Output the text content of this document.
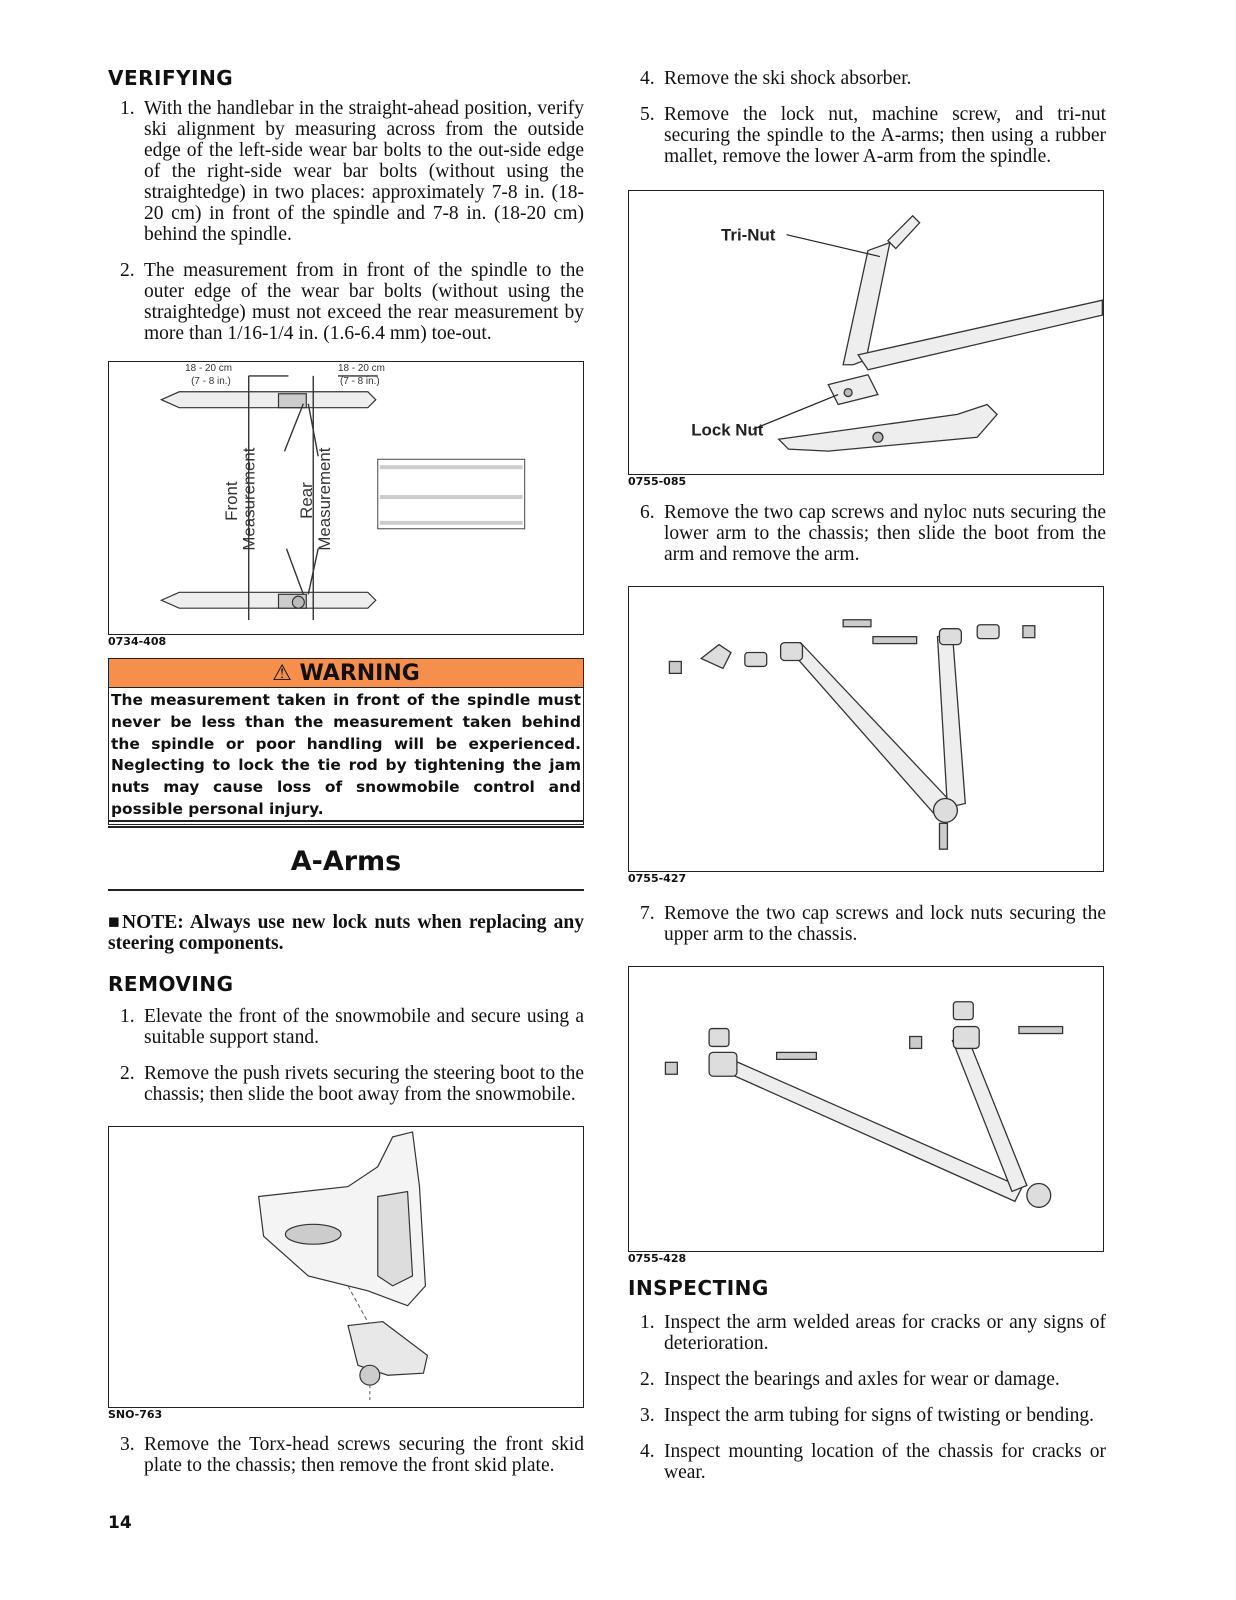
VERIFYING
1. With the handlebar in the straight-ahead position, verify ski alignment by measuring across from the outside edge of the left-side wear bar bolts to the out-side edge of the right-side wear bar bolts (without using the straightedge) in two places: approximately 7-8 in. (18-20 cm) in front of the spindle and 7-8 in. (18-20 cm) behind the spindle.
2. The measurement from in front of the spindle to the outer edge of the wear bar bolts (without using the straightedge) must not exceed the rear measurement by more than 1/16-1/4 in. (1.6-6.4 mm) toe-out.
18 - 20 cm
(7 - 8 in.)
18 - 20 cm
(7 - 8 in.)
Front
Measurement Rear
Measurement
0734-408
⚠ WARNING
The measurement taken in front of the spindle must never be less than the measurement taken behind the spindle or poor handling will be experienced. Neglecting to lock the tie rod by tightening the jam nuts may cause loss of snowmobile control and possible personal injury.
A-Arms
■NOTE: Always use new lock nuts when replacing any steering components.
REMOVING
1. Elevate the front of the snowmobile and secure using a suitable support stand.
2. Remove the push rivets securing the steering boot to the chassis; then slide the boot away from the snowmobile.
SNO-763
3. Remove the Torx-head screws securing the front skid plate to the chassis; then remove the front skid plate.
4. Remove the ski shock absorber.
5. Remove the lock nut, machine screw, and tri-nut securing the spindle to the A-arms; then using a rubber mallet, remove the lower A-arm from the spindle.
Tri-Nut
Lock Nut
0755-085
6. Remove the two cap screws and nyloc nuts securing the lower arm to the chassis; then slide the boot from the arm and remove the arm.
0755-427
7. Remove the two cap screws and lock nuts securing the upper arm to the chassis.
0755-428
INSPECTING
1. Inspect the arm welded areas for cracks or any signs of deterioration.
2. Inspect the bearings and axles for wear or damage.
3. Inspect the arm tubing for signs of twisting or bending.
4. Inspect mounting location of the chassis for cracks or wear.
14
